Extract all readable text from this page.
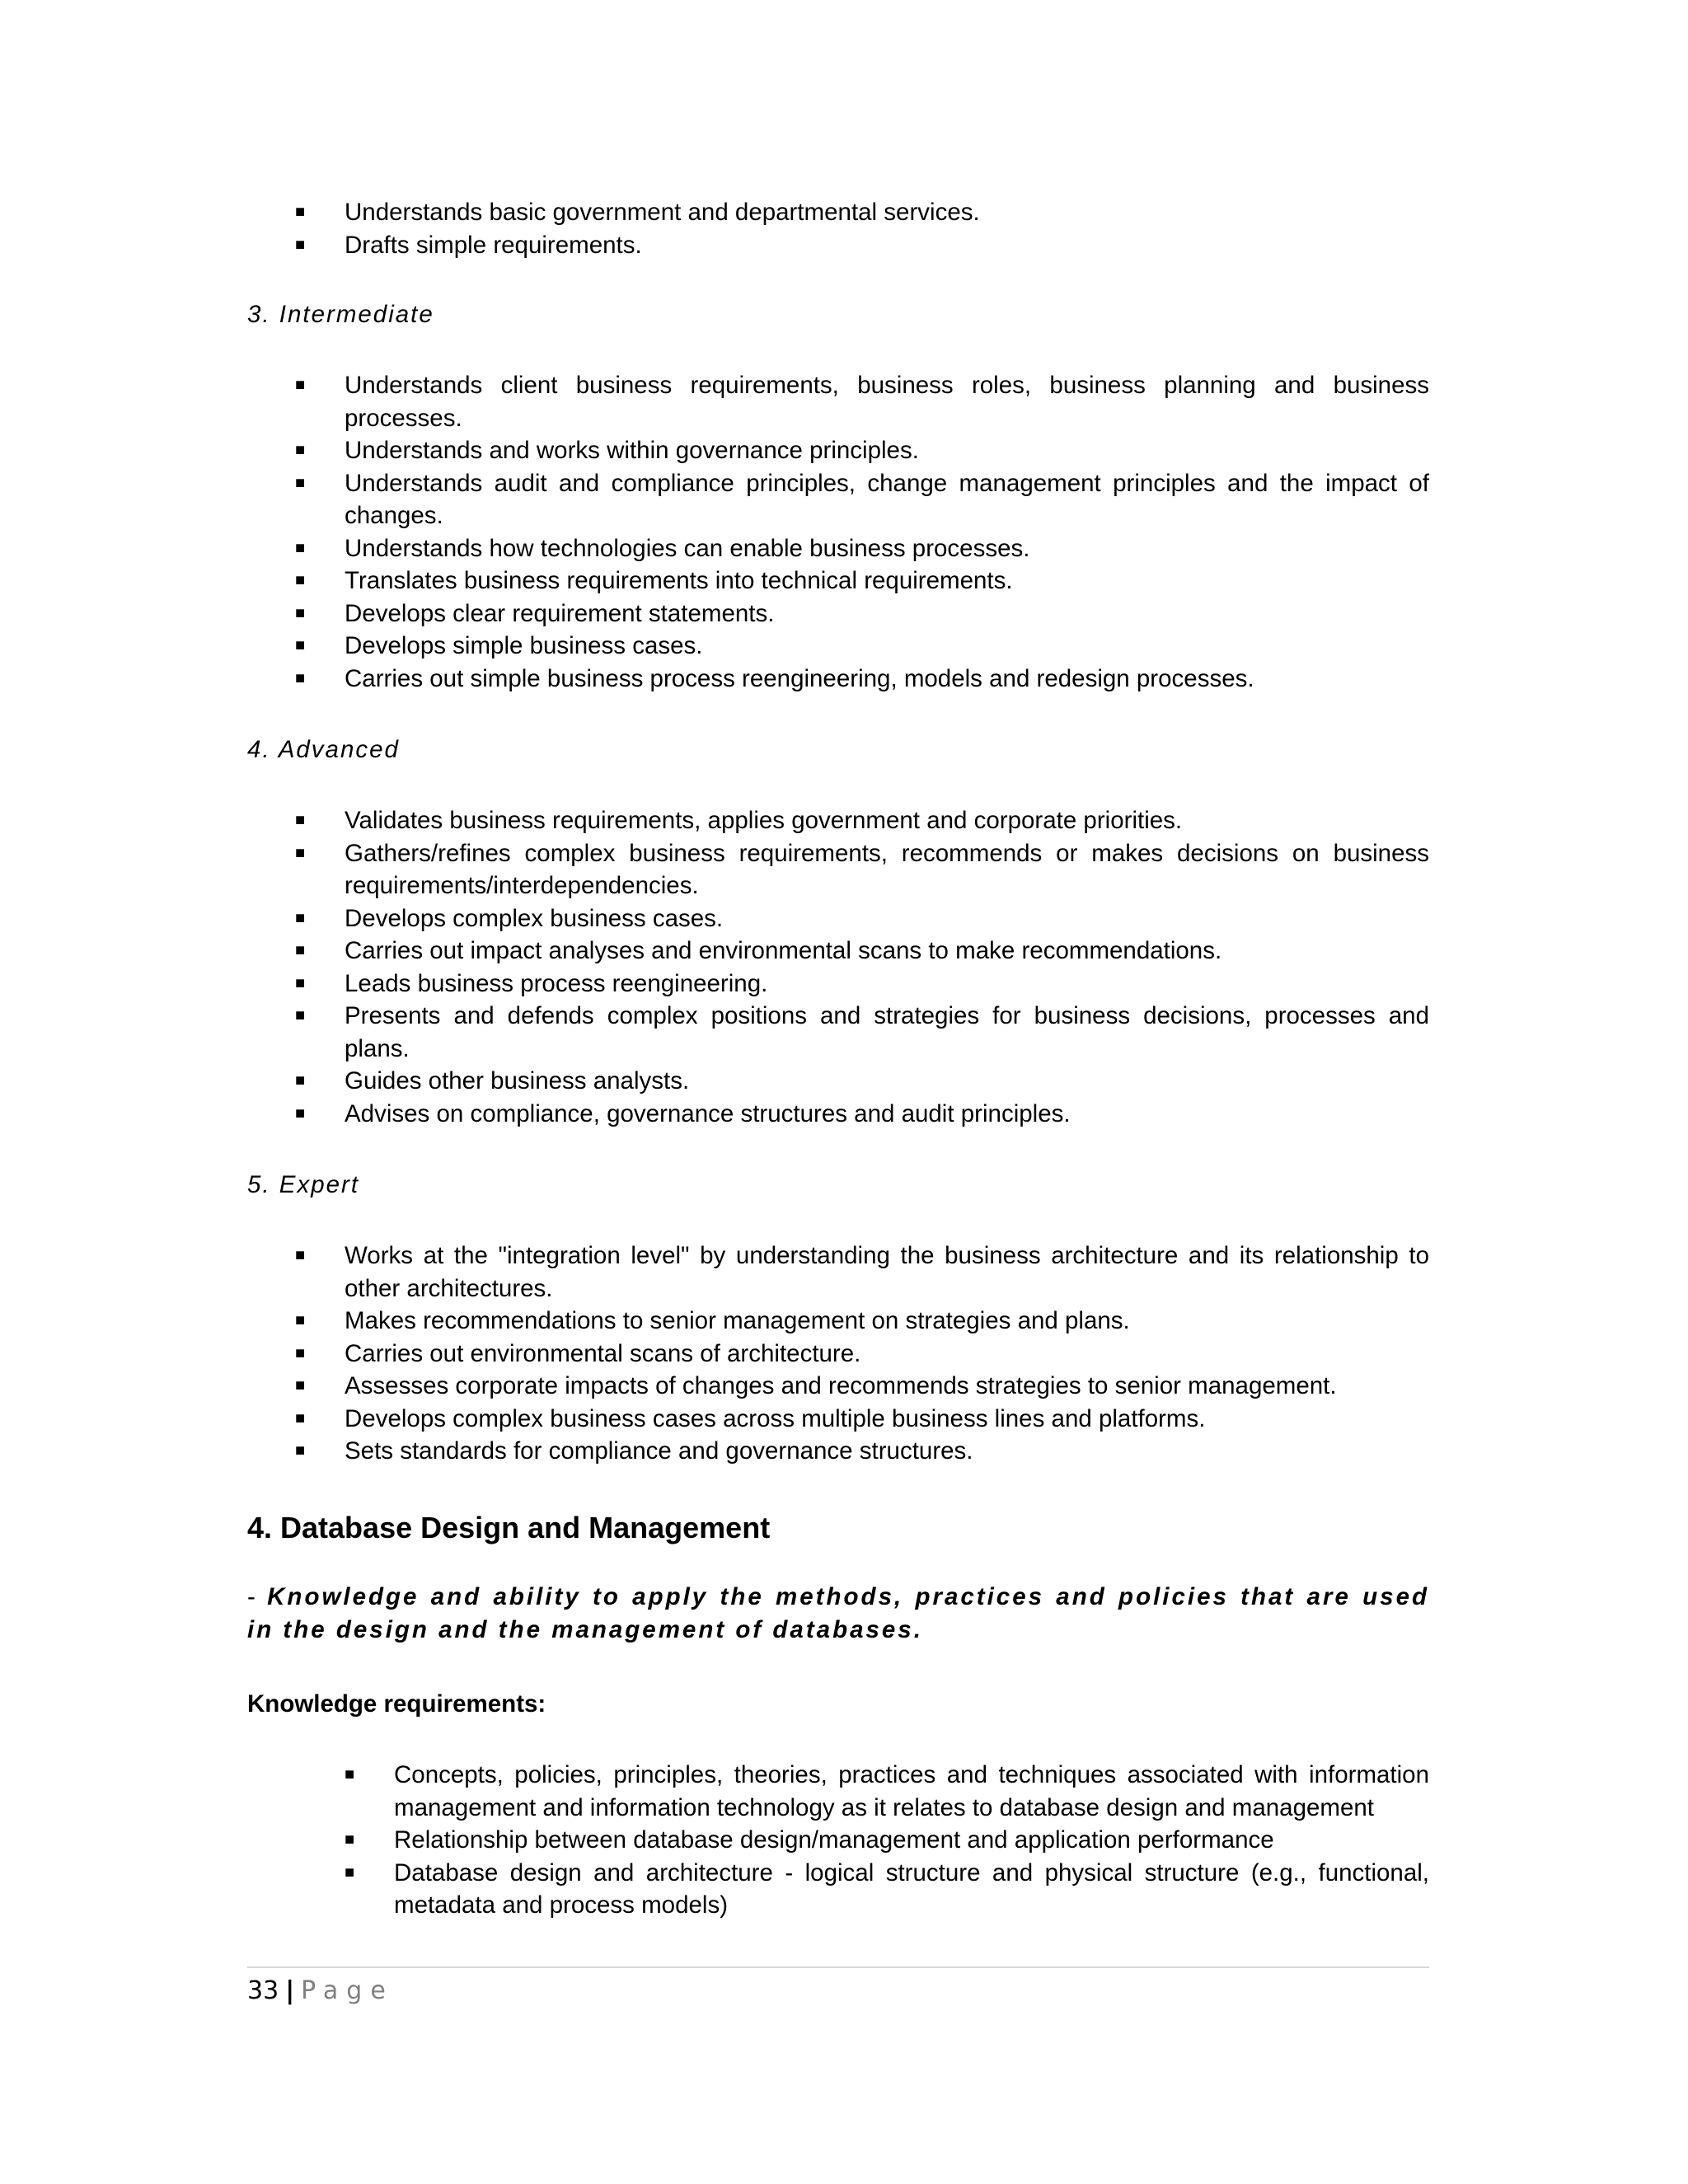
■ Understands basic government and departmental services.
■ Drafts simple requirements.
3. Intermediate
■ Understands client business requirements, business roles, business planning and business processes.
■ Understands and works within governance principles.
■ Understands audit and compliance principles, change management principles and the impact of changes.
■ Understands how technologies can enable business processes.
■ Translates business requirements into technical requirements.
■ Develops clear requirement statements.
■ Develops simple business cases.
■ Carries out simple business process reengineering, models and redesign processes.
4. Advanced
■ Validates business requirements, applies government and corporate priorities.
■ Gathers/refines complex business requirements, recommends or makes decisions on business requirements/interdependencies.
■ Develops complex business cases.
■ Carries out impact analyses and environmental scans to make recommendations.
■ Leads business process reengineering.
■ Presents and defends complex positions and strategies for business decisions, processes and plans.
■ Guides other business analysts.
■ Advises on compliance, governance structures and audit principles.
5. Expert
■ Works at the "integration level" by understanding the business architecture and its relationship to other architectures.
■ Makes recommendations to senior management on strategies and plans.
■ Carries out environmental scans of architecture.
■ Assesses corporate impacts of changes and recommends strategies to senior management.
■ Develops complex business cases across multiple business lines and platforms.
■ Sets standards for compliance and governance structures.
4. Database Design and Management
- Knowledge and ability to apply the methods, practices and policies that are used in the design and the management of databases.
Knowledge requirements:
■ Concepts, policies, principles, theories, practices and techniques associated with information management and information technology as it relates to database design and management
■ Relationship between database design/management and application performance
■ Database design and architecture - logical structure and physical structure (e.g., functional, metadata and process models)
33 | Page
